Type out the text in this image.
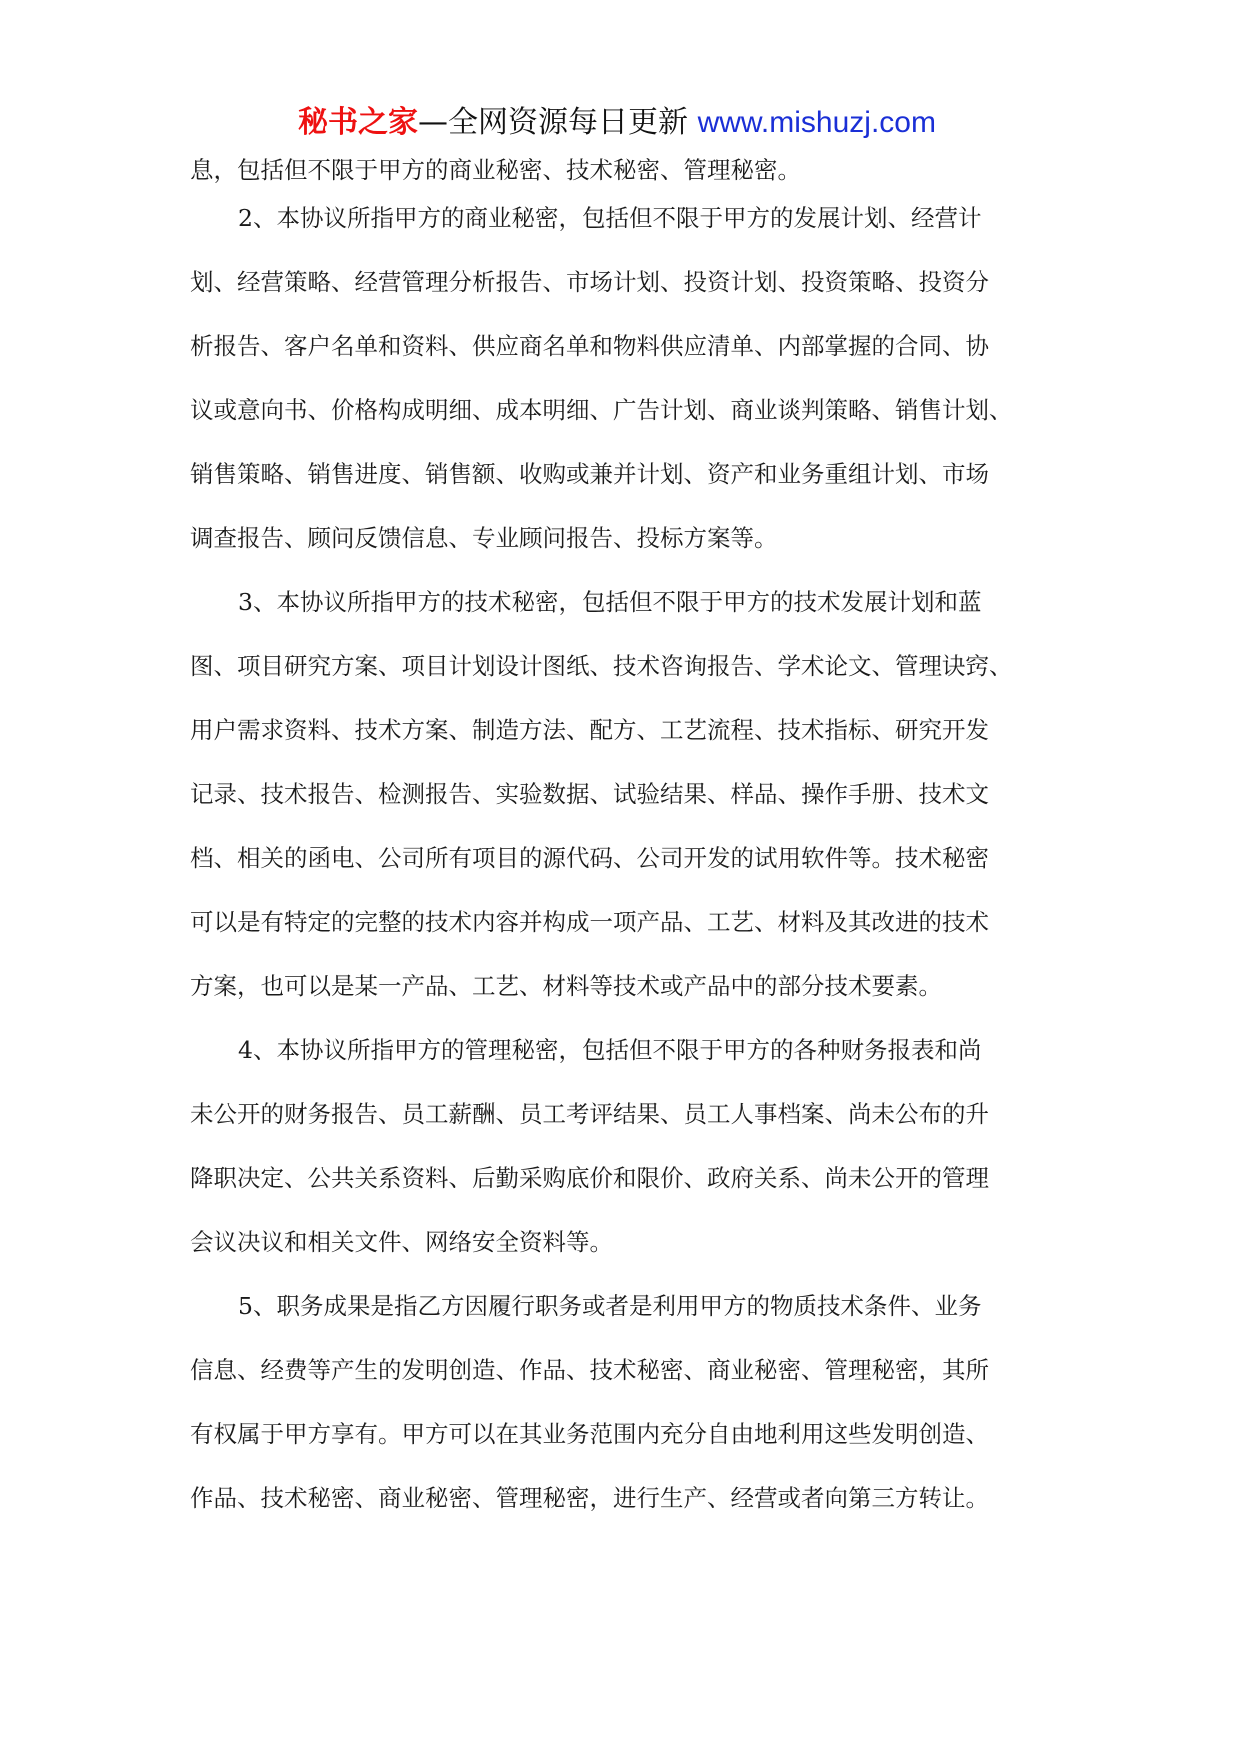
秘书之家—全网资源每日更新 www.mishuzj.com
息，包括但不限于甲方的商业秘密、技术秘密、管理秘密。
2、本协议所指甲方的商业秘密，包括但不限于甲方的发展计划、经营计
划、经营策略、经营管理分析报告、市场计划、投资计划、投资策略、投资分
析报告、客户名单和资料、供应商名单和物料供应清单、内部掌握的合同、协
议或意向书、价格构成明细、成本明细、广告计划、商业谈判策略、销售计划、
销售策略、销售进度、销售额、收购或兼并计划、资产和业务重组计划、市场
调查报告、顾问反馈信息、专业顾问报告、投标方案等。
3、本协议所指甲方的技术秘密，包括但不限于甲方的技术发展计划和蓝
图、项目研究方案、项目计划设计图纸、技术咨询报告、学术论文、管理诀窍、
用户需求资料、技术方案、制造方法、配方、工艺流程、技术指标、研究开发
记录、技术报告、检测报告、实验数据、试验结果、样品、操作手册、技术文
档、相关的函电、公司所有项目的源代码、公司开发的试用软件等。技术秘密
可以是有特定的完整的技术内容并构成一项产品、工艺、材料及其改进的技术
方案，也可以是某一产品、工艺、材料等技术或产品中的部分技术要素。
4、本协议所指甲方的管理秘密，包括但不限于甲方的各种财务报表和尚
未公开的财务报告、员工薪酬、员工考评结果、员工人事档案、尚未公布的升
降职决定、公共关系资料、后勤采购底价和限价、政府关系、尚未公开的管理
会议决议和相关文件、网络安全资料等。
5、职务成果是指乙方因履行职务或者是利用甲方的物质技术条件、业务
信息、经费等产生的发明创造、作品、技术秘密、商业秘密、管理秘密，其所
有权属于甲方享有。甲方可以在其业务范围内充分自由地利用这些发明创造、
作品、技术秘密、商业秘密、管理秘密，进行生产、经营或者向第三方转让。
